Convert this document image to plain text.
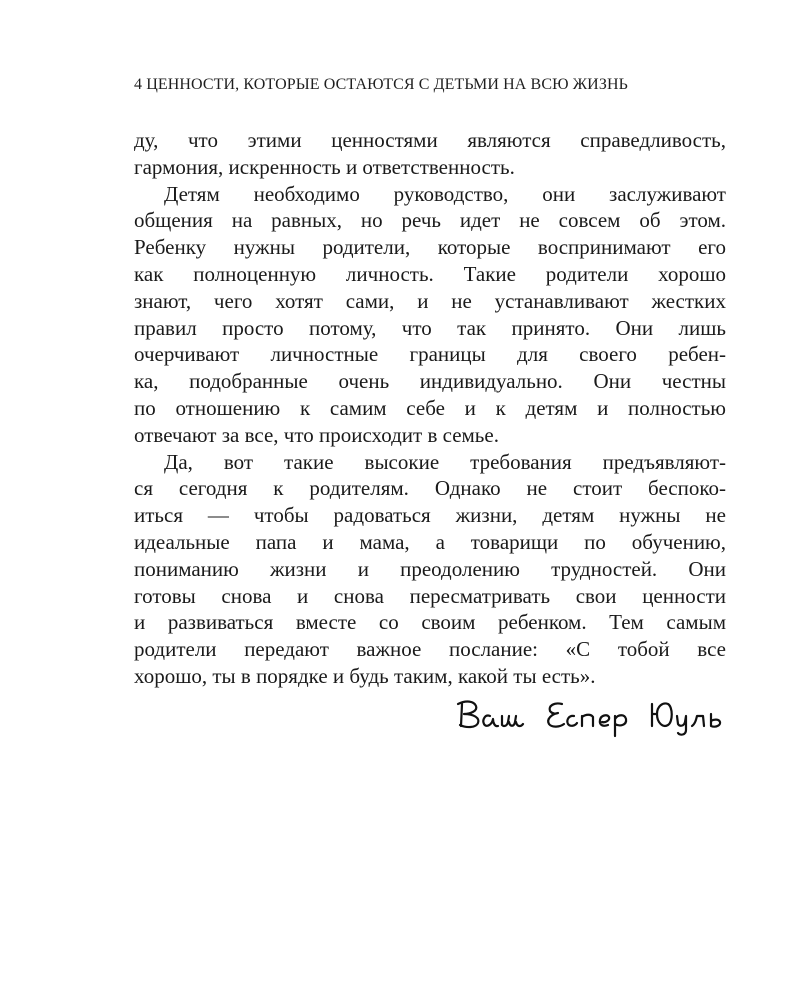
4 ЦЕННОСТИ, КОТОРЫЕ ОСТАЮТСЯ С ДЕТЬМИ НА ВСЮ ЖИЗНЬ
ду, что этими ценностями являются справедливость,
гармония, искренность и ответственность.
Детям необходимо руководство, они заслуживают
общения на равных, но речь идет не совсем об этом.
Ребенку нужны родители, которые воспринимают его
как полноценную личность. Такие родители хорошо
знают, чего хотят сами, и не устанавливают жестких
правил просто потому, что так принято. Они лишь
очерчивают личностные границы для своего ребен-
ка, подобранные очень индивидуально. Они честны
по отношению к самим себе и к детям и полностью
отвечают за все, что происходит в семье.
Да, вот такие высокие требования предъявляют-
ся сегодня к родителям. Однако не стоит беспоко-
иться — чтобы радоваться жизни, детям нужны не
идеальные папа и мама, а товарищи по обучению,
пониманию жизни и преодолению трудностей. Они
готовы снова и снова пересматривать свои ценности
и развиваться вместе со своим ребенком. Тем самым
родители передают важное послание: «С тобой все
хорошо, ты в порядке и будь таким, какой ты есть».
